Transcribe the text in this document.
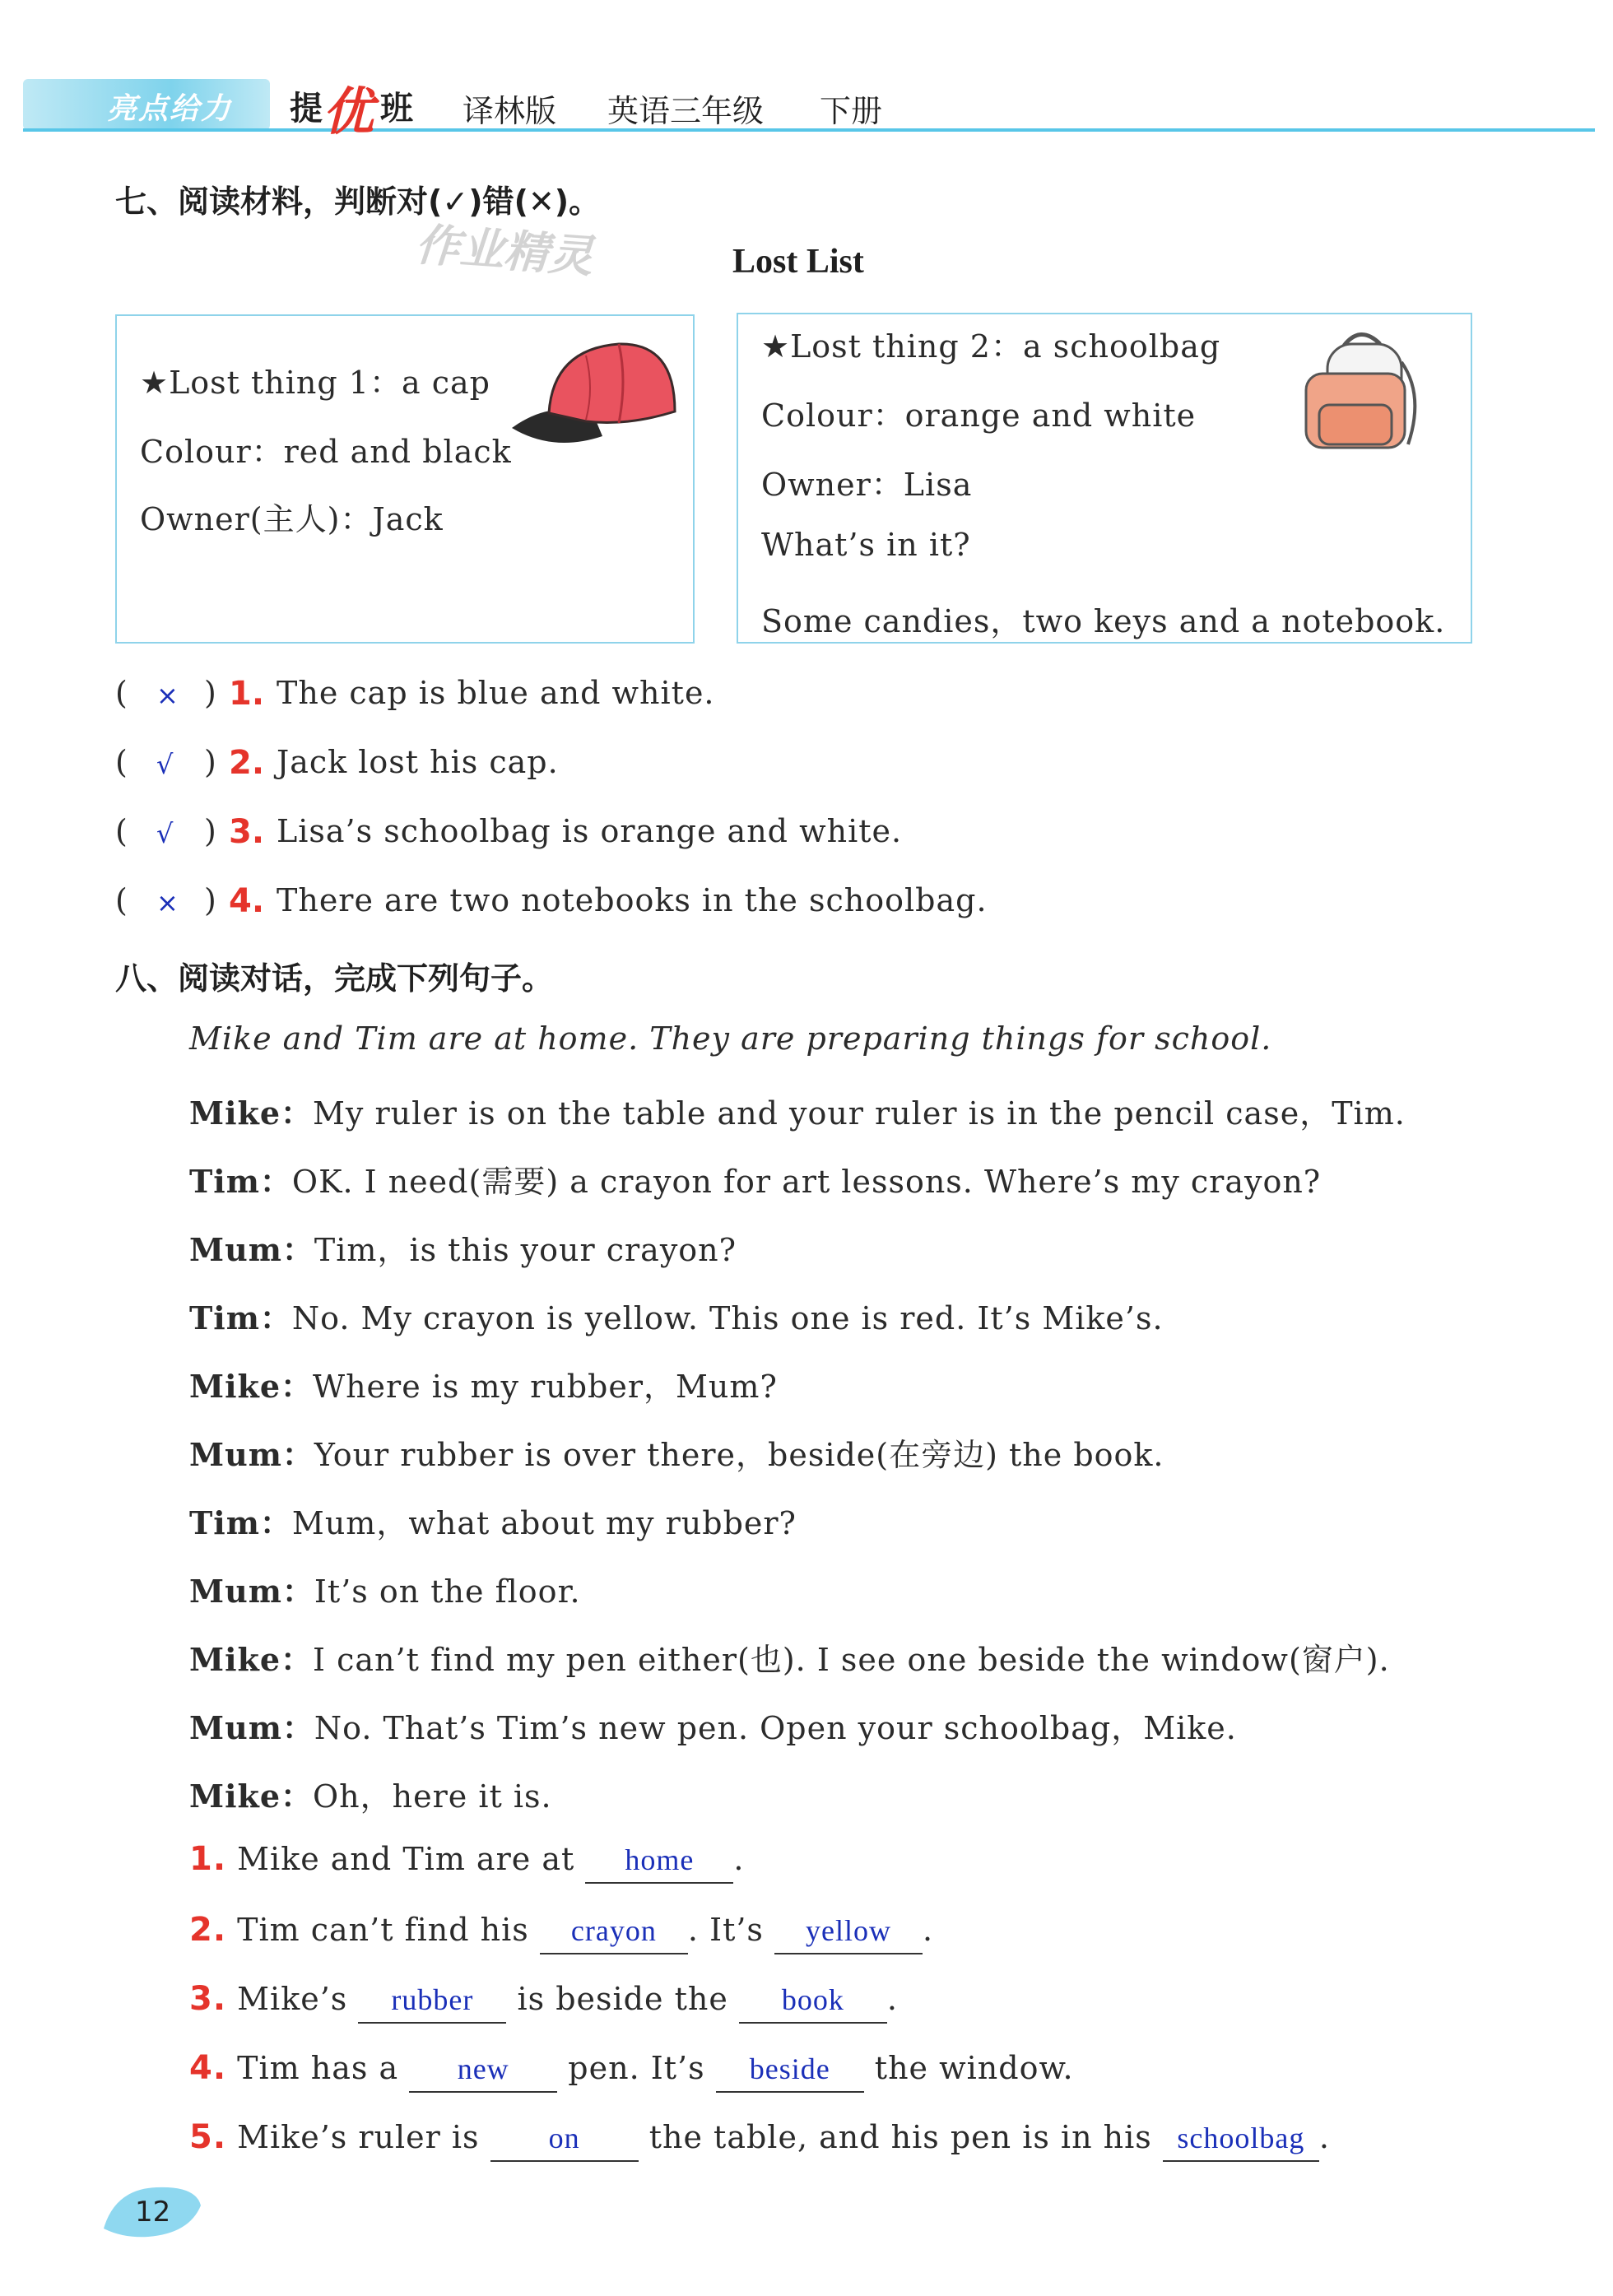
亮点给力 提 优 班 译林版 英语三年级 下册
七、阅读材料，判断对(✓)错(✕)。
作业精灵	Lost List
★Lost thing 1：a cap
Colour：red and black
Owner(主人)：Jack
★Lost thing 2：a schoolbag
Colour：orange and white
Owner：Lisa
What’s in it?
Some candies，two keys and a notebook.
( × ) 1. The cap is blue and white.
( √ ) 2. Jack lost his cap.
( √ ) 3. Lisa’s schoolbag is orange and white.
( × ) 4. There are two notebooks in the schoolbag.
八、阅读对话，完成下列句子。
Mike and Tim are at home. They are preparing things for school.
Mike：My ruler is on the table and your ruler is in the pencil case，Tim.
Tim：OK. I need(需要) a crayon for art lessons. Where’s my crayon?
Mum：Tim，is this your crayon?
Tim：No. My crayon is yellow. This one is red. It’s Mike’s.
Mike：Where is my rubber，Mum?
Mum：Your rubber is over there，beside(在旁边) the book.
Tim：Mum，what about my rubber?
Mum：It’s on the floor.
Mike：I can’t find my pen either(也). I see one beside the window(窗户).
Mum：No. That’s Tim’s new pen. Open your schoolbag，Mike.
Mike：Oh，here it is.
1. Mike and Tim are at home .
2. Tim can’t find his crayon . It’s yellow .
3. Mike’s rubber is beside the book .
4. Tim has a new pen. It’s beside the window.
5. Mike’s ruler is on the table, and his pen is in his schoolbag .
12
